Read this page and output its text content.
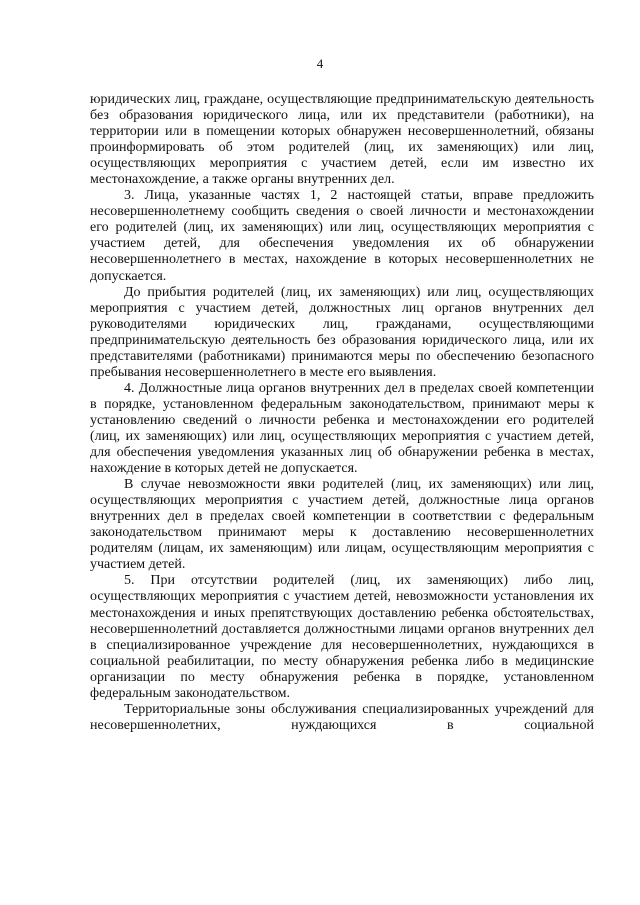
4

юридических лиц, граждане, осуществляющие предпринимательскую деятельность без образования юридического лица, или их представители (работники), на территории или в помещении которых обнаружен несовершеннолетний, обязаны проинформировать об этом родителей (лиц, их заменяющих) или лиц, осуществляющих мероприятия с участием детей, если им известно их местонахождение, а также органы внутренних дел.

3. Лица, указанные частях 1, 2 настоящей статьи, вправе предложить несовершеннолетнему сообщить сведения о своей личности и местонахождении его родителей (лиц, их заменяющих) или лиц, осуществляющих мероприятия с участием детей, для обеспечения уведомления их об обнаружении несовершеннолетнего в местах, нахождение в которых несовершеннолетних не допускается.

До прибытия родителей (лиц, их заменяющих) или лиц, осуществляющих мероприятия с участием детей, должностных лиц органов внутренних дел руководителями юридических лиц, гражданами, осуществляющими предпринимательскую деятельность без образования юридического лица, или их представителями (работниками) принимаются меры по обеспечению безопасного пребывания несовершеннолетнего в месте его выявления.

4. Должностные лица органов внутренних дел в пределах своей компетенции в порядке, установленном федеральным законодательством, принимают меры к установлению сведений о личности ребенка и местонахождении его родителей (лиц, их заменяющих) или лиц, осуществляющих мероприятия с участием детей, для обеспечения уведомления указанных лиц об обнаружении ребенка в местах, нахождение в которых детей не допускается.

В случае невозможности явки родителей (лиц, их заменяющих) или лиц, осуществляющих мероприятия с участием детей, должностные лица органов внутренних дел в пределах своей компетенции в соответствии с федеральным законодательством принимают меры к доставлению несовершеннолетних родителям (лицам, их заменяющим) или лицам, осуществляющим мероприятия с участием детей.

5. При отсутствии родителей (лиц, их заменяющих) либо лиц, осуществляющих мероприятия с участием детей, невозможности установления их местонахождения и иных препятствующих доставлению ребенка обстоятельствах, несовершеннолетний доставляется должностными лицами органов внутренних дел в специализированное учреждение для несовершеннолетних, нуждающихся в социальной реабилитации, по месту обнаружения ребенка либо в медицинские организации по месту обнаружения ребенка в порядке, установленном федеральным законодательством.

Территориальные зоны обслуживания специализированных учреждений для несовершеннолетних, нуждающихся в социальной
